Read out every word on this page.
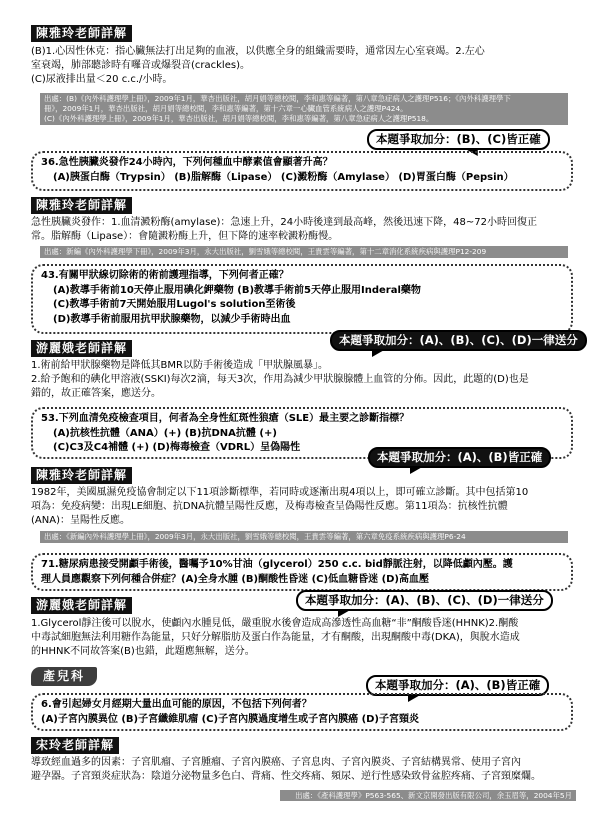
陳雅玲老師詳解
(B)1.心因性休克：指心臟無法打出足夠的血液，以供應全身的組織需要時，通常因左心室衰竭。2.左心
室衰竭，肺部聽診時有囉音或爆裂音(crackles)。
(C)尿液排出量＜20 c.c./小時。
出處：(B)《內外科護理學上冊》，2009年1月，華杏出版社，胡月娟等總校閱，李和惠等編著，第八章急症病人之護理P516；《內外科護理學下
冊》，2009年1月，華杏出版社，胡月娟等總校閱，李和惠等編著，第十六章一心臟血管系統病人之護理P424。
(C)《內外科護理學上冊》，2009年1月，華杏出版社，胡月娟等總校閱，李和惠等編著，第八章急症病人之護理P518。
本題爭取加分：(B)、(C)皆正確
36.急性胰臟炎發作24小時內，下列何種血中酵素值會顯著升高？
(A)胰蛋白酶（Trypsin） (B)脂解酶（Lipase） (C)澱粉酶（Amylase） (D)胃蛋白酶（Pepsin）
陳雅玲老師詳解
急性胰臟炎發作：1.血清澱粉酶(amylase)：急速上升，24小時後達到最高峰，然後迅速下降，48~72小時回復正
常。脂解酶（Lipase）：會隨澱粉酶上升，但下降的速率較澱粉酶慢。
出處：新編《內外科護理學下冊》，2009年3月，永大出版社，劉雪娥等總校閱，王貴雲等編著，第十二章消化系統疾病與護理P12-209
43.有關甲狀線切除術的術前護理指導，下列何者正確？
(A)教導手術前10天停止服用碘化鉀藥物 (B)教導手術前5天停止服用Inderal藥物
(C)教導手術前7天開始服用Lugol's solution至術後
(D)教導手術前服用抗甲狀腺藥物，以減少手術時出血
本題爭取加分：(A)、(B)、(C)、(D)一律送分
游麗娥老師詳解
1.術前給甲狀腺藥物是降低其BMR以防手術後造成「甲狀腺風暴」。
2.給予飽和的碘化甲溶液(SSKI)每次2滴，每天3次，作用為減少甲狀腺腺體上血管的分佈。因此，此題的(D)也是
錯的，故正確答案，應送分。
53.下列血清免疫檢查項目，何者為全身性紅斑性狼瘡（SLE）最主要之診斷指標？
(A)抗核性抗體（ANA）(+) (B)抗DNA抗體 (+)
(C)C3及C4補體 (+) (D)梅毒檢查（VDRL）呈偽陽性
本題爭取加分：(A)、(B)皆正確
陳雅玲老師詳解
1982年，美國風濕免疫協會制定以下11項診斷標準，若同時或逐漸出現4項以上，即可確立診斷。其中包括第10
項為：免疫病變：出現LE細胞、抗DNA抗體呈陽性反應，及梅毒檢查呈偽陽性反應。第11項為：抗核性抗體
(ANA)：呈陽性反應。
出處：《新編內外科護理學上冊》，2009年3月，永大出版社，劉雪娥等總校閱，王貴雲等編著，第六章免疫系統疾病與護理P6-24
71.糖尿病患接受開顱手術後，醫囑予10%甘油（glycerol）250 c.c. bid靜脈注射，以降低顱內壓。護
理人員應觀察下列何種合併症？(A)全身水腫 (B)酮酸性昏迷 (C)低血糖昏迷 (D)高血壓
本題爭取加分：(A)、(B)、(C)、(D)一律送分
游麗娥老師詳解
1.Glycerol靜注後可以脫水，使顱內水腫見低，嚴重脫水後會造成高滲透性高血糖“非”酮酸昏迷(HHNK)2.酮酸
中毒試細胞無法利用糖作為能量，只好分解脂肪及蛋白作為能量，才有酮酸，出現酮酸中毒(DKA)，與脫水造成
的HHNK不同故答案(B)也錯，此題應無解，送分。
產兒科
本題爭取加分：(A)、(B)皆正確
6.會引起婦女月經期大量出血可能的原因，不包括下列何者？
(A)子宮內膜異位 (B)子宮纖維肌瘤 (C)子宮內膜過度增生或子宮內膜癌 (D)子宮頸炎
宋玲老師詳解
導致經血過多的因素：子宮肌瘤、子宮腫瘤、子宮內膜癌、子宮息肉、子宮內膜炎、子宮結構異常、使用子宮內
避孕器。子宮頸炎症狀為：陰道分泌物量多色白、背痛、性交疼痛、頻尿、逆行性感染致骨盆腔疼痛、子宮頸糜爛。
出處：《產科護理學》P563-565、新文京開發出版有限公司，余玉眉等，2004年5月
